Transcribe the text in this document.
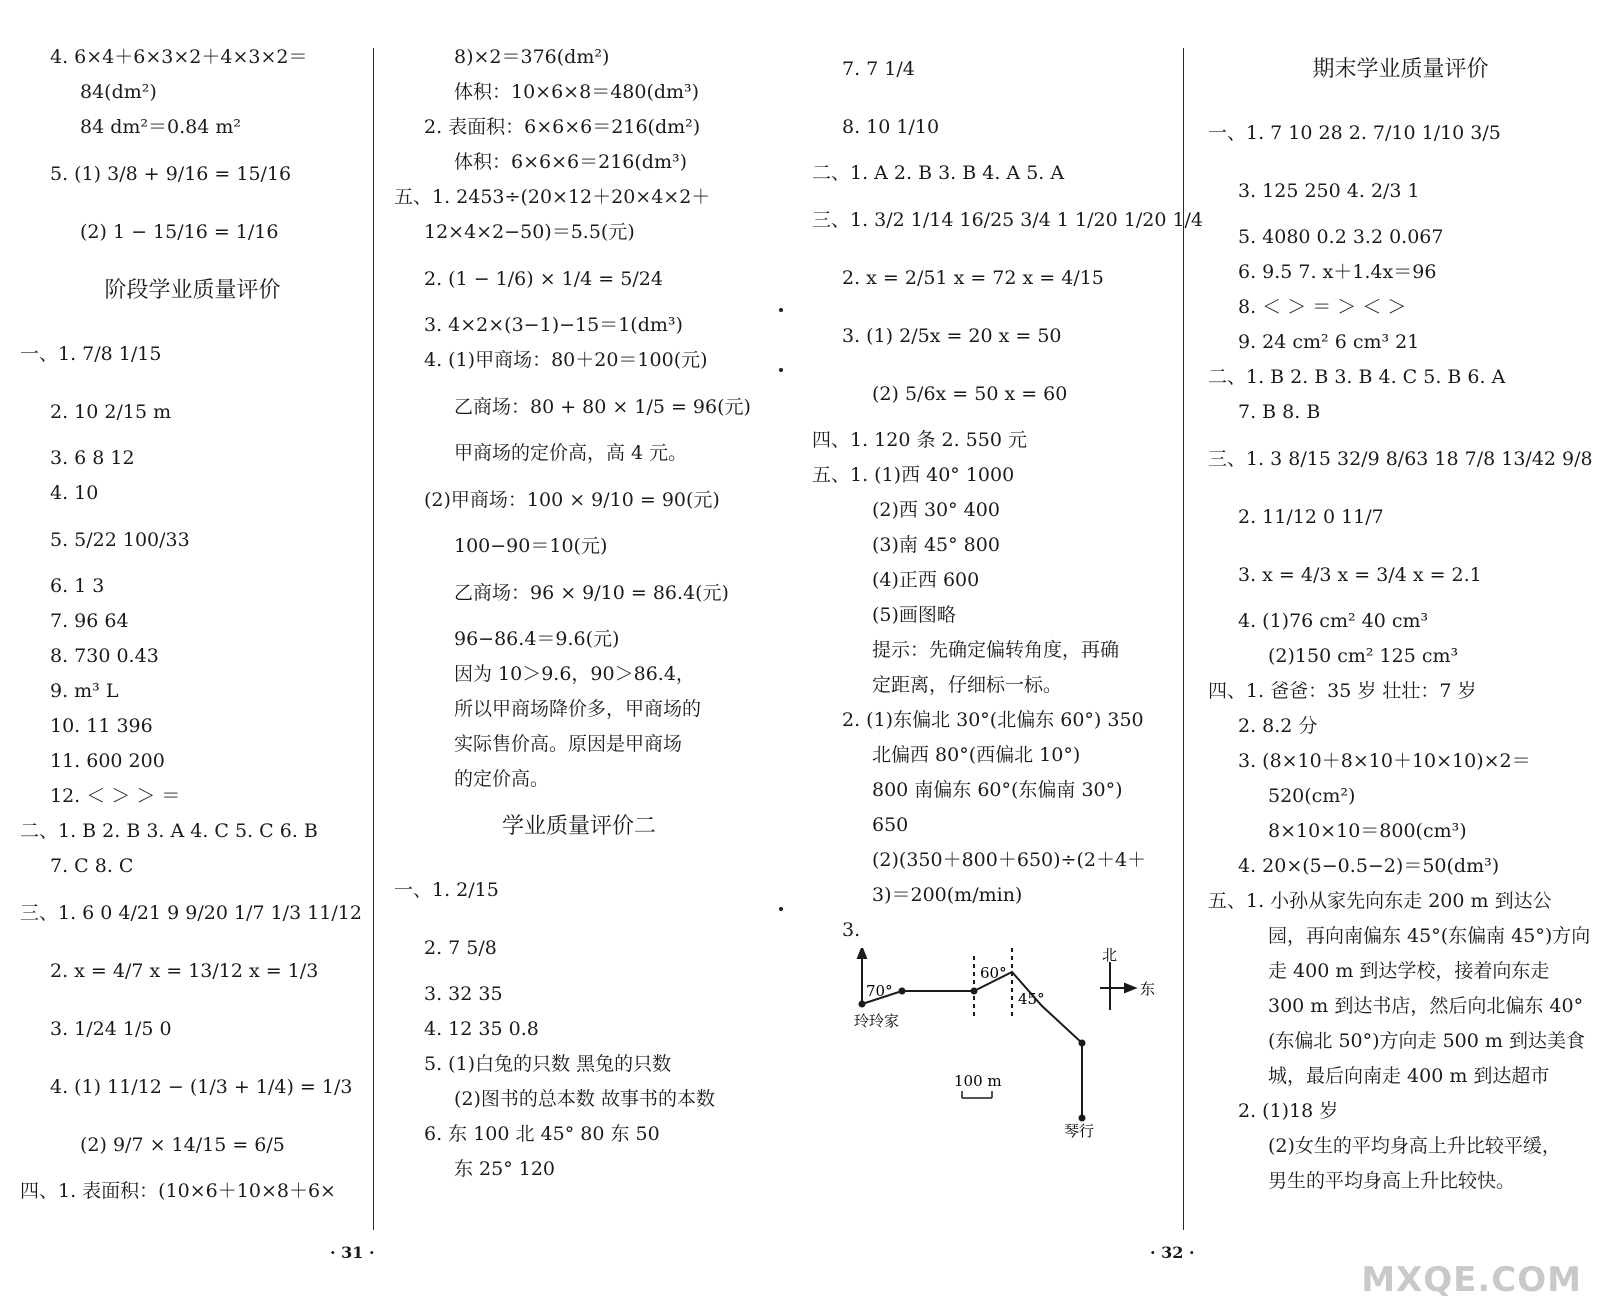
4. 6×4＋6×3×2＋4×3×2＝
84(dm²)
84 dm²＝0.84 m²
5. (1) 3/8 + 9/16 = 15/16
(2) 1 − 15/16 = 1/16
阶段学业质量评价
一、1. 7/8 1/15
2. 10 2/15 m
3. 6 8 12
4. 10
5. 5/22 100/33
6. 1 3
7. 96 64
8. 730 0.43
9. m³ L
10. 11 396
11. 600 200
12. ＜ ＞ ＞ ＝
二、1. B 2. B 3. A 4. C 5. C 6. B
7. C 8. C
三、1. 6 0 4/21 9 9/20 1/7 1/3 11/12
2. x = 4/7 x = 13/12 x = 1/3
3. 1/24 1/5 0
4. (1) 11/12 − (1/3 + 1/4) = 1/3
(2) 9/7 × 14/15 = 6/5
四、1. 表面积：(10×6＋10×8＋6×
8)×2＝376(dm²)
体积：10×6×8＝480(dm³)
2. 表面积：6×6×6＝216(dm²)
体积：6×6×6＝216(dm³)
五、1. 2453÷(20×12＋20×4×2＋
12×4×2−50)＝5.5(元)
2. (1 − 1/6) × 1/4 = 5/24
3. 4×2×(3−1)−15＝1(dm³)
4. (1)甲商场：80＋20＝100(元)
乙商场：80 + 80 × 1/5 = 96(元)
甲商场的定价高，高 4 元。
(2)甲商场：100 × 9/10 = 90(元)
100−90＝10(元)
乙商场：96 × 9/10 = 86.4(元)
96−86.4＝9.6(元)
因为 10＞9.6，90＞86.4，
所以甲商场降价多，甲商场的
实际售价高。原因是甲商场
的定价高。
学业质量评价二
一、1. 2/15
2. 7 5/8
3. 32 35
4. 12 35 0.8
5. (1)白兔的只数 黑兔的只数
(2)图书的总本数 故事书的本数
6. 东 100 北 45° 80 东 50
东 25° 120
7. 7 1/4
8. 10 1/10
二、1. A 2. B 3. B 4. A 5. A
三、1. 3/2 1/14 16/25 3/4 1 1/20 1/20 1/4
2. x = 2/51 x = 72 x = 4/15
3. (1) 2/5x = 20 x = 50
(2) 5/6x = 50 x = 60
四、1. 120 条 2. 550 元
五、1. (1)西 40° 1000
(2)西 30° 400
(3)南 45° 800
(4)正西 600
(5)画图略
提示：先确定偏转角度，再确
定距离，仔细标一标。
2. (1)东偏北 30°(北偏东 60°) 350
北偏西 80°(西偏北 10°)
800 南偏东 60°(东偏南 30°)
650
(2)(350＋800＋650)÷(2＋4＋
3)＝200(m/min)
3.
70°
60°
45°
玲玲家
琴行
北
东
100 m
期末学业质量评价
一、1. 7 10 28 2. 7/10 1/10 3/5
3. 125 250 4. 2/3 1
5. 4080 0.2 3.2 0.067
6. 9.5 7. x＋1.4x＝96
8. ＜ ＞ ＝ ＞ ＜ ＞
9. 24 cm² 6 cm³ 21
二、1. B 2. B 3. B 4. C 5. B 6. A
7. B 8. B
三、1. 3 8/15 32/9 8/63 18 7/8 13/42 9/8
2. 11/12 0 11/7
3. x = 4/3 x = 3/4 x = 2.1
4. (1)76 cm² 40 cm³
(2)150 cm² 125 cm³
四、1. 爸爸：35 岁 壮壮：7 岁
2. 8.2 分
3. (8×10＋8×10＋10×10)×2＝
520(cm²)
8×10×10＝800(cm³)
4. 20×(5−0.5−2)＝50(dm³)
五、1. 小孙从家先向东走 200 m 到达公
园，再向南偏东 45°(东偏南 45°)方向
走 400 m 到达学校，接着向东走
300 m 到达书店，然后向北偏东 40°
(东偏北 50°)方向走 500 m 到达美食
城，最后向南走 400 m 到达超市
2. (1)18 岁
(2)女生的平均身高上升比较平缓，
男生的平均身高上升比较快。
· 31 ·	· 32 ·
MXQE.COM
